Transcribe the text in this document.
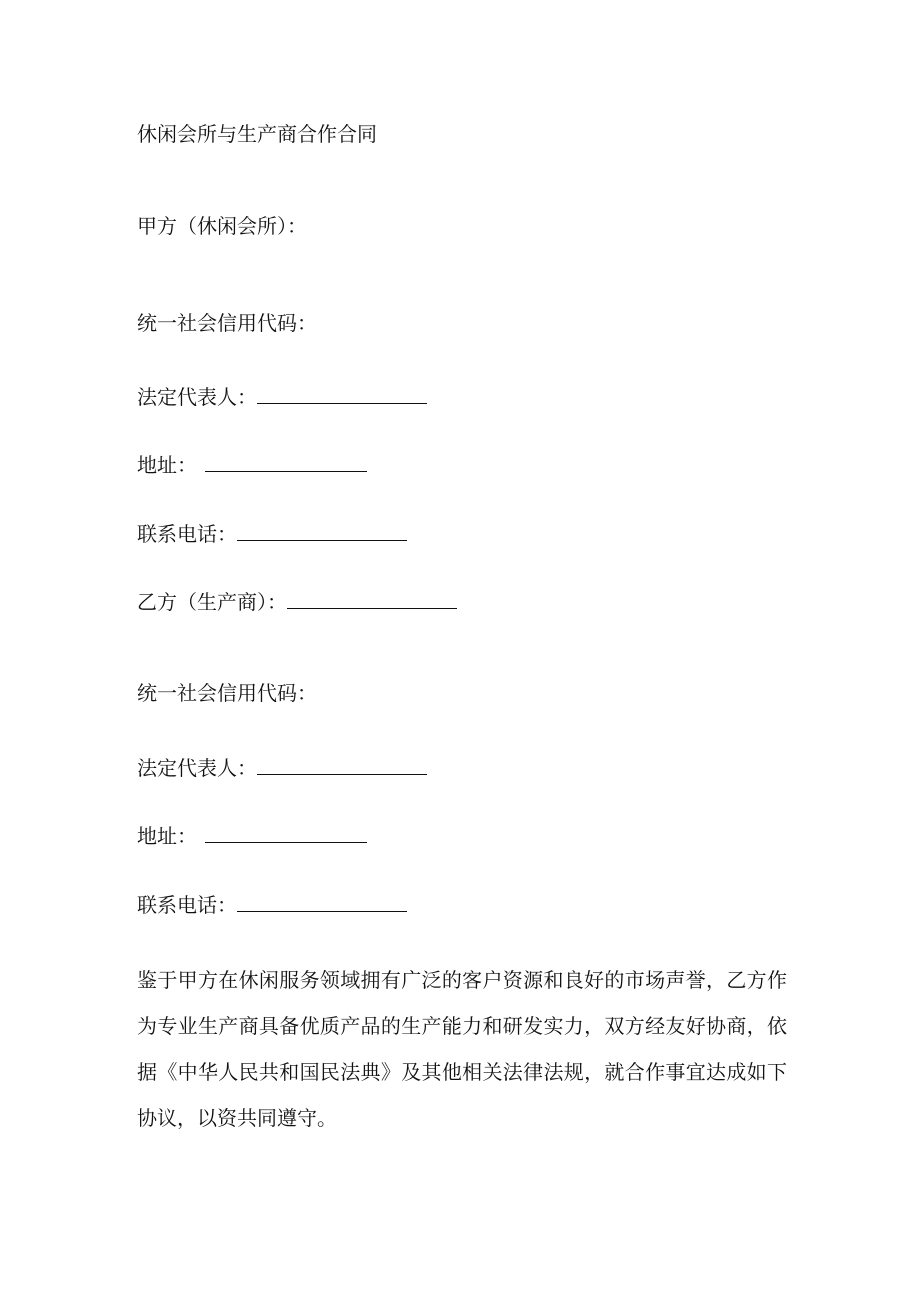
休闲会所与生产商合作合同
甲方（休闲会所）：
统一社会信用代码：
法定代表人：
地址：
联系电话：
乙方（生产商）：
统一社会信用代码：
法定代表人：
地址：
联系电话：
鉴于甲方在休闲服务领域拥有广泛的客户资源和良好的市场声誉，乙方作为专业生产商具备优质产品的生产能力和研发实力，双方经友好协商，依据《中华人民共和国民法典》及其他相关法律法规，就合作事宜达成如下协议，以资共同遵守。
